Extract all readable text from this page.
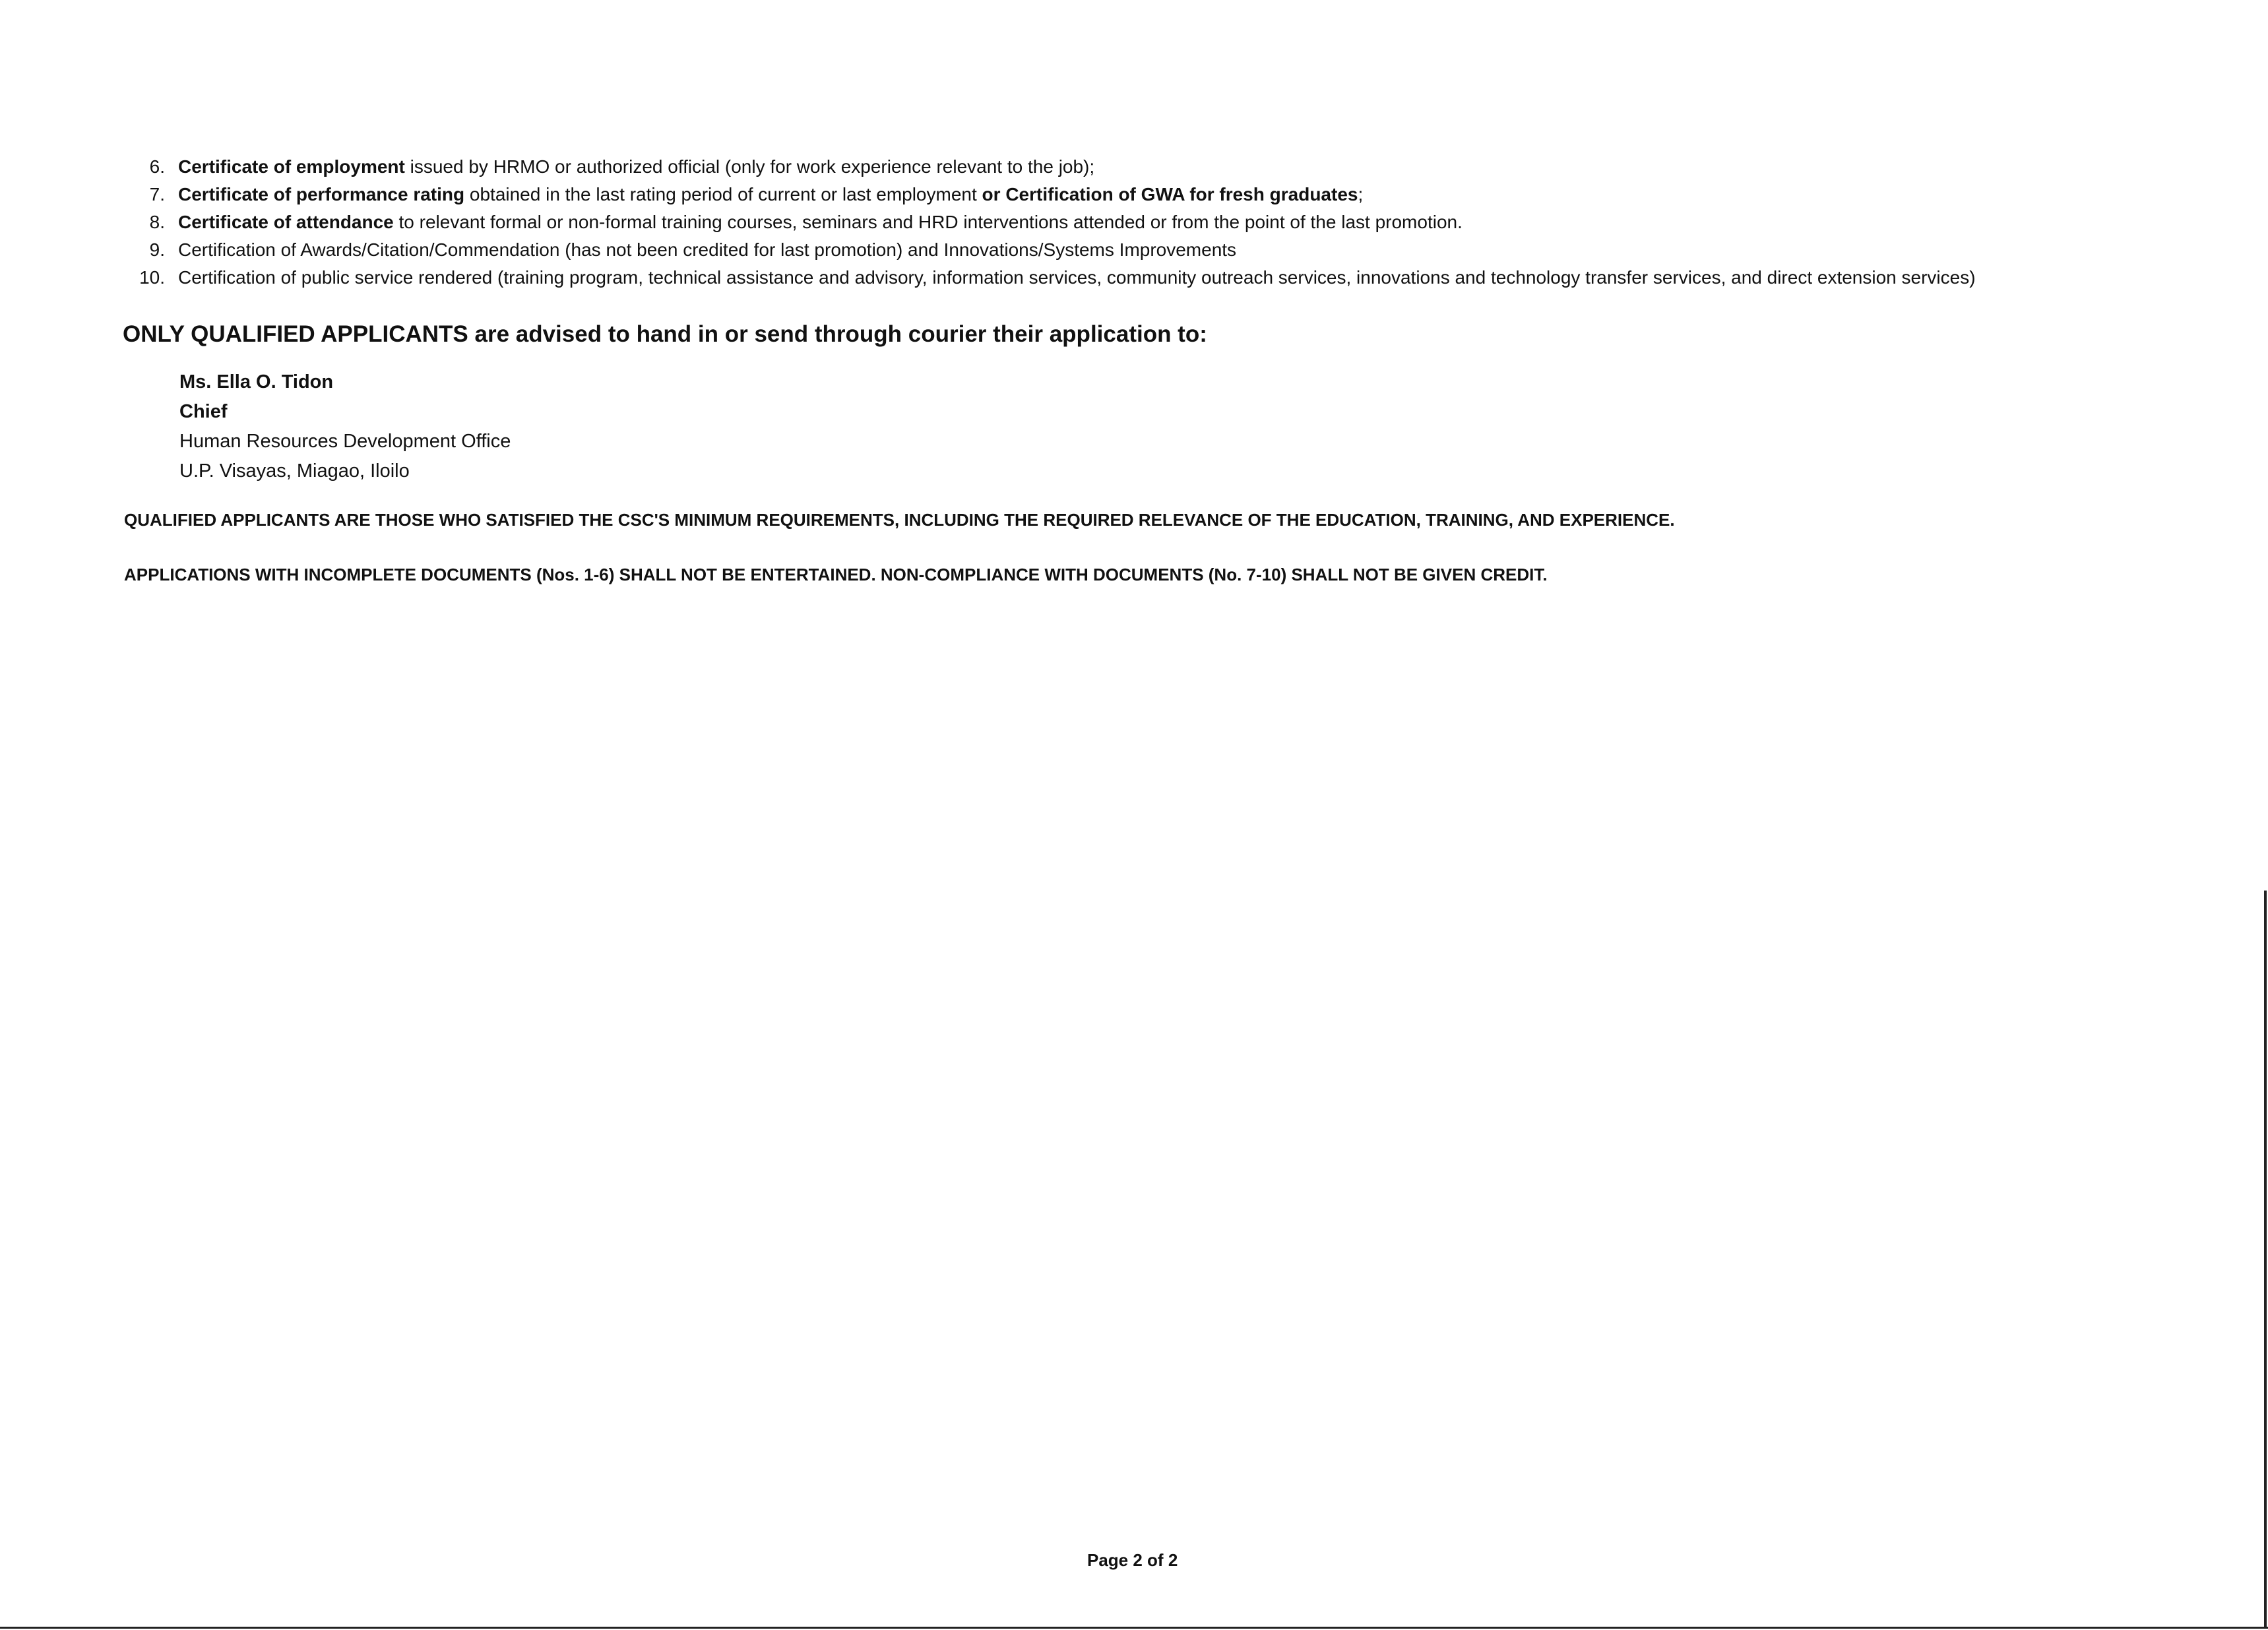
6. Certificate of employment issued by HRMO or authorized official (only for work experience relevant to the job);
7. Certificate of performance rating obtained in the last rating period of current or last employment or Certification of GWA for fresh graduates;
8. Certificate of attendance to relevant formal or non-formal training courses, seminars and HRD interventions attended or from the point of the last promotion.
9. Certification of Awards/Citation/Commendation (has not been credited for last promotion) and Innovations/Systems Improvements
10. Certification of public service rendered (training program, technical assistance and advisory, information services, community outreach services, innovations and technology transfer services, and direct extension services)
ONLY QUALIFIED APPLICANTS are advised to hand in or send through courier their application to:
Ms. Ella O. Tidon
Chief
Human Resources Development Office
U.P. Visayas, Miagao, Iloilo
QUALIFIED APPLICANTS ARE THOSE WHO SATISFIED THE CSC'S MINIMUM REQUIREMENTS, INCLUDING THE REQUIRED RELEVANCE OF THE EDUCATION, TRAINING, AND EXPERIENCE.
APPLICATIONS WITH INCOMPLETE DOCUMENTS (Nos. 1-6) SHALL NOT BE ENTERTAINED. NON-COMPLIANCE WITH DOCUMENTS (No. 7-10) SHALL NOT BE GIVEN CREDIT.
Page 2 of 2
